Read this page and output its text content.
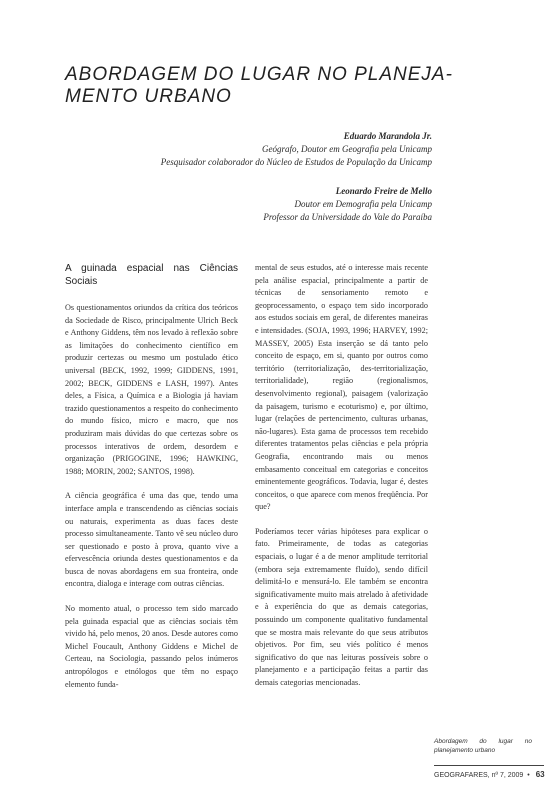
ABORDAGEM DO LUGAR NO PLANEJA-
MENTO URBANO
Eduardo Marandola Jr.
Geógrafo, Doutor em Geografia pela Unicamp
Pesquisador colaborador do Núcleo de Estudos de População da Unicamp
Leonardo Freire de Mello
Doutor em Demografia pela Unicamp
Professor da Universidade do Vale do Paraíba
A guinada espacial nas Ciências Sociais

Os questionamentos oriundos da crítica dos teóricos da Sociedade de Risco, principalmente Ulrich Beck e Anthony Giddens, têm nos levado à reflexão sobre as limitações do conhecimento científico em produzir certezas ou mesmo um postulado ético universal (BECK, 1992, 1999; GIDDENS, 1991, 2002; BECK, GIDDENS e LASH, 1997). Antes deles, a Física, a Química e a Biologia já haviam trazido questionamentos a respeito do conhecimento do mundo físico, micro e macro, que nos produziram mais dúvidas do que certezas sobre os processos interativos de ordem, desordem e organização (PRIGOGINE, 1996; HAWKING, 1988; MORIN, 2002; SANTOS, 1998).

A ciência geográfica é uma das que, tendo uma interface ampla e transcendendo as ciências sociais ou naturais, experimenta as duas faces deste processo simultaneamente. Tanto vê seu núcleo duro ser questionado e posto à prova, quanto vive a efervescência oriunda destes questionamentos e da busca de novas abordagens em sua fronteira, onde encontra, dialoga e interage com outras ciências.

No momento atual, o processo tem sido marcado pela guinada espacial que as ciências sociais têm vivido há, pelo menos, 20 anos. Desde autores como Michel Foucault, Anthony Giddens e Michel de Certeau, na Sociologia, passando pelos inúmeros antropólogos e etnólogos que têm no espaço elemento funda-

mental de seus estudos, até o interesse mais recente pela análise espacial, principalmente a partir de técnicas de sensoriamento remoto e geoprocessamento, o espaço tem sido incorporado aos estudos sociais em geral, de diferentes maneiras e intensidades. (SOJA, 1993, 1996; HARVEY, 1992; MASSEY, 2005) Esta inserção se dá tanto pelo conceito de espaço, em si, quanto por outros como território (territorialização, des-territorialização, territorialidade), região (regionalismos, desenvolvimento regional), paisagem (valorização da paisagem, turismo e ecoturismo) e, por último, lugar (relações de pertencimento, culturas urbanas, não-lugares). Esta gama de processos tem recebido diferentes tratamentos pelas ciências e pela própria Geografia, encontrando mais ou menos embasamento conceitual em categorias e conceitos eminentemente geográficos. Todavia, lugar é, destes conceitos, o que aparece com menos freqüência. Por que?

Poderíamos tecer várias hipóteses para explicar o fato. Primeiramente, de todas as categorias espaciais, o lugar é a de menor amplitude territorial (embora seja extremamente fluído), sendo difícil delimitá-lo e mensurá-lo. Ele também se encontra significativamente muito mais atrelado à afetividade e à experiência do que as demais categorias, possuindo um componente qualitativo fundamental que se mostra mais relevante do que seus atributos objetivos. Por fim, seu viés político é menos significativo do que nas leituras possíveis sobre o planejamento e a participação feitas a partir das demais categorias mencionadas.

Abordagem do lugar no planejamento urbano
GEOGRAFARES, nº 7, 2009 • 63
